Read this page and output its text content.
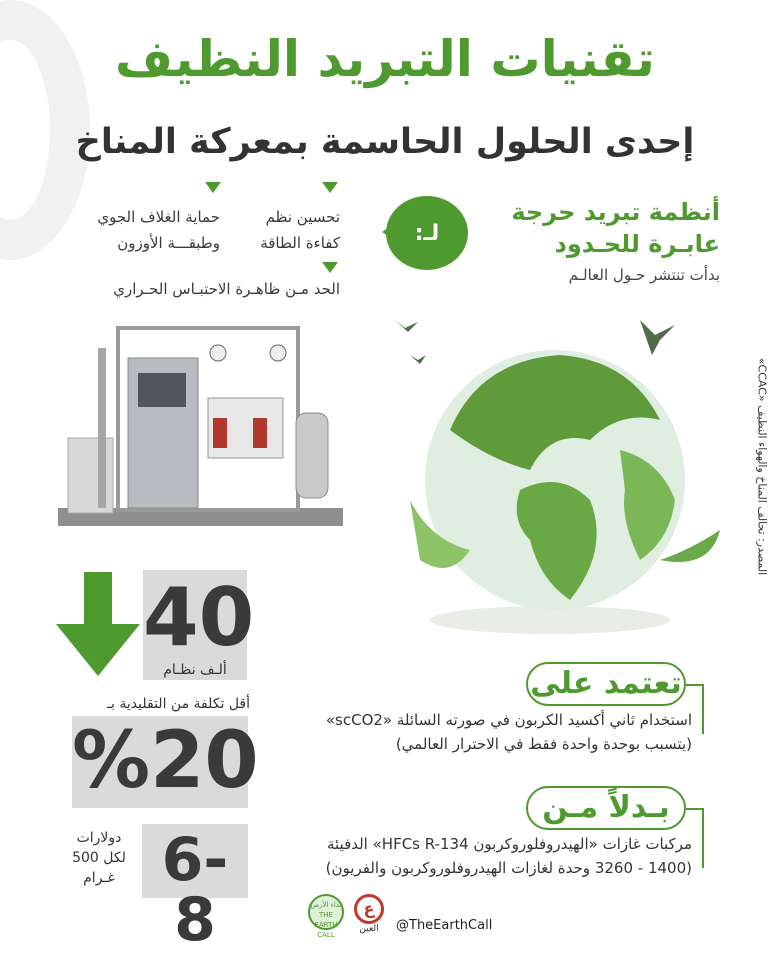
تقنيات التبريد النظيف
إحدى الحلول الحاسمة بمعركة المناخ
تحسين نظم
كفاءة الطاقة
حماية الغلاف الجوي
وطبقـــة الأوزون
الحد مـن ظاهـرة الاحتبـاس الحـراري
لـ:
أنظمة تبريد حرجة
عابـرة للحـدود
بدأت تنتشر حـول العالـم
المصدر: تحالف المناخ والهواء النظيف «CCAC»
40
ألـف نظـام
أقل تكلفة من التقليدية بـ
%20
دولارات
لكل 500
غـرام 6-8
تعتمد على
استخدام ثاني أكسيد الكربون في صورته السائلة «scCO2»
(يتسبب بوحدة واحدة فقط في الاحترار العالمي)
بـدلاً مـن
مركبات غازات «الهيدروفلوروكربون HFCs R-134» الدفيئة
(1400 - 3260 وحدة لغازات الهيدروفلوروكربون والفريون)
نداء الأرض
THE EARTH CALL
ع
العين	@TheEarthCall
